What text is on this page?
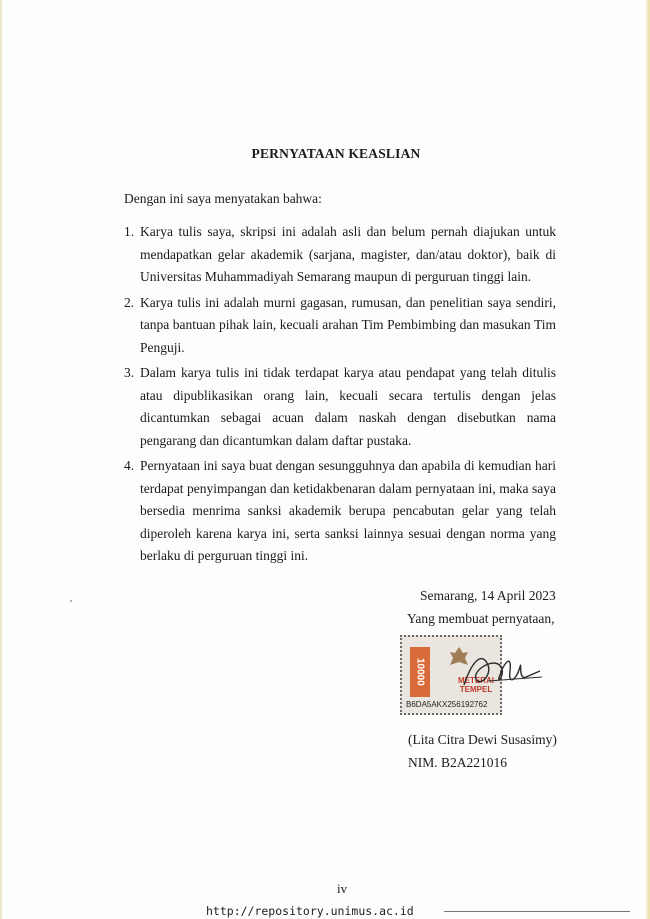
PERNYATAAN KEASLIAN
Dengan ini saya menyatakan bahwa:
1. Karya tulis saya, skripsi ini adalah asli dan belum pernah diajukan untuk mendapatkan gelar akademik (sarjana, magister, dan/atau doktor), baik di Universitas Muhammadiyah Semarang maupun di perguruan tinggi lain.
2. Karya tulis ini adalah murni gagasan, rumusan, dan penelitian saya sendiri, tanpa bantuan pihak lain, kecuali arahan Tim Pembimbing dan masukan Tim Penguji.
3. Dalam karya tulis ini tidak terdapat karya atau pendapat yang telah ditulis atau dipublikasikan orang lain, kecuali secara tertulis dengan jelas dicantumkan sebagai acuan dalam naskah dengan disebutkan nama pengarang dan dicantumkan dalam daftar pustaka.
4. Pernyataan ini saya buat dengan sesungguhnya dan apabila di kemudian hari terdapat penyimpangan dan ketidakbenaran dalam pernyataan ini, maka saya bersedia menrima sanksi akademik berupa pencabutan gelar yang telah diperoleh karena karya ini, serta sanksi lainnya sesuai dengan norma yang berlaku di perguruan tinggi ini.
Semarang, 14 April 2023
Yang membuat pernyataan,
10000	METERAI
TEMPEL
B6DA5AKX256192762
(Lita Citra Dewi Susasimy)
NIM. B2A221016
iv
http://repository.unimus.ac.id
